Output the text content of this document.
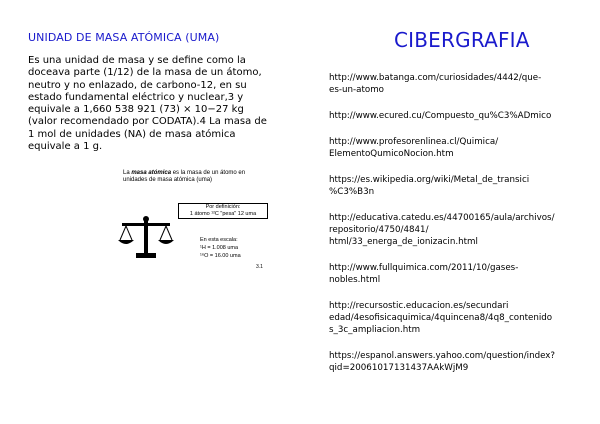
UNIDAD DE MASA ATÓMICA (UMA)

Es una unidad de masa y se define como la doceava parte (1/12) de la masa de un átomo, neutro y no enlazado, de carbono-12, en su estado fundamental eléctrico y nuclear,3 y equivale a 1,660 538 921 (73) × 10−27 kg (valor recomendado por CODATA).4 La masa de 1 mol de unidades (NA) de masa atómica equivale a 1 g.

La masa atómica es la masa de un átomo en unidades de masa atómica (uma)
Por definición:
1 átomo ¹²C "pesa" 12 uma
En esta escala:
¹H = 1.008 uma
¹⁶O = 16.00 uma
3.1
CIBERGRAFIA
http://www.batanga.com/curiosidades/4442/que-
es-un-atomo
http://www.ecured.cu/Compuesto_qu%C3%ADmico
http://www.profesorenlinea.cl/Quimica/
ElementoQumicoNocion.htm
https://es.wikipedia.org/wiki/Metal_de_transici
%C3%B3n
http://educativa.catedu.es/44700165/aula/archivos/
repositorio/4750/4841/
html/33_energa_de_ionizacin.html
http://www.fullquimica.com/2011/10/gases-
nobles.html
http://recursostic.educacion.es/secundari
edad/4esofisicaquimica/4quincena8/4q8_contenido
s_3c_ampliacion.htm
https://espanol.answers.yahoo.com/question/index?
qid=20061017131437AAkWjM9
